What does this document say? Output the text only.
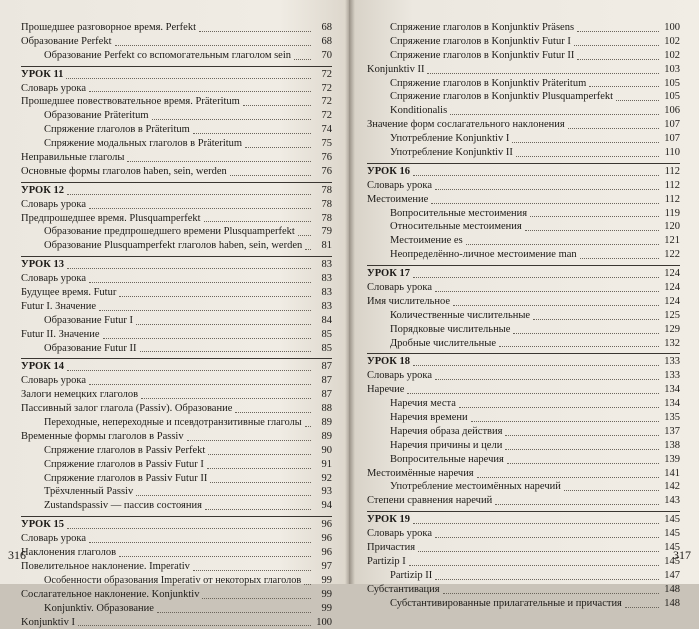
Прошедшее разговорное время. Perfekt	68
Образование Perfekt	68
Образование Perfekt со вспомогательным глаголом sein	70
УРОК 11	72
Словарь урока	72
Прошедшее повествовательное время. Präteritum	72
Образование Präteritum	72
Спряжение глаголов в Präteritum	74
Спряжение модальных глаголов в Präteritum	75
Неправильные глаголы	76
Основные формы глаголов haben, sein, werden	76
УРОК 12	78
Словарь урока	78
Предпрошедшее время. Plusquamperfekt	78
Образование предпрошедшего времени Plusquamperfekt	79
Образование Plusquamperfekt глаголов haben, sein, werden	81
УРОК 13	83
Словарь урока	83
Будущее время. Futur	83
Futur I. Значение	83
Образование Futur I	84
Futur II. Значение	85
Образование Futur II	85
УРОК 14	87
Словарь урока	87
Залоги немецких глаголов	87
Пассивный залог глагола (Passiv). Образование	88
Переходные, непереходные и псевдотранзитивные глаголы	89
Временные формы глаголов в Passiv	89
Спряжение глаголов в Passiv Perfekt	90
Спряжение глаголов в Passiv Futur I	91
Спряжение глаголов в Passiv Futur II	92
Трёхчленный Passiv	93
Zustandspassiv — пассив состояния	94
УРОК 15	96
Словарь урока	96
Наклонения глаголов	96
Повелительное наклонение. Imperativ	97
Особенности образования Imperativ от некоторых глаголов	99
Сослагательное наклонение. Konjunktiv	99
Konjunktiv. Образование	99
Konjunktiv I	100
316
Спряжение глаголов в Konjunktiv Präsens	100
Спряжение глаголов в Konjunktiv Futur I	102
Спряжение глаголов в Konjunktiv Futur II	102
Konjunktiv II	103
Спряжение глаголов в Konjunktiv Präteritum	105
Спряжение глаголов в Konjunktiv Plusquamperfekt	105
Konditionalis	106
Значение форм сослагательного наклонения	107
Употребление Konjunktiv I	107
Употребление Konjunktiv II	110
УРОК 16	112
Словарь урока	112
Местоимение	112
Вопросительные местоимения	119
Относительные местоимения	120
Местоимение es	121
Неопределённо-личное местоимение man	122
УРОК 17	124
Словарь урока	124
Имя числительное	124
Количественные числительные	125
Порядковые числительные	129
Дробные числительные	132
УРОК 18	133
Словарь урока	133
Наречие	134
Наречия места	134
Наречия времени	135
Наречия образа действия	137
Наречия причины и цели	138
Вопросительные наречия	139
Местоимённые наречия	141
Употребление местоимённых наречий	142
Степени сравнения наречий	143
УРОК 19	145
Словарь урока	145
Причастия	145
Partizip I	145
Partizip II	147
Субстантивация	148
Субстантивированные прилагательные и причастия	148
317
